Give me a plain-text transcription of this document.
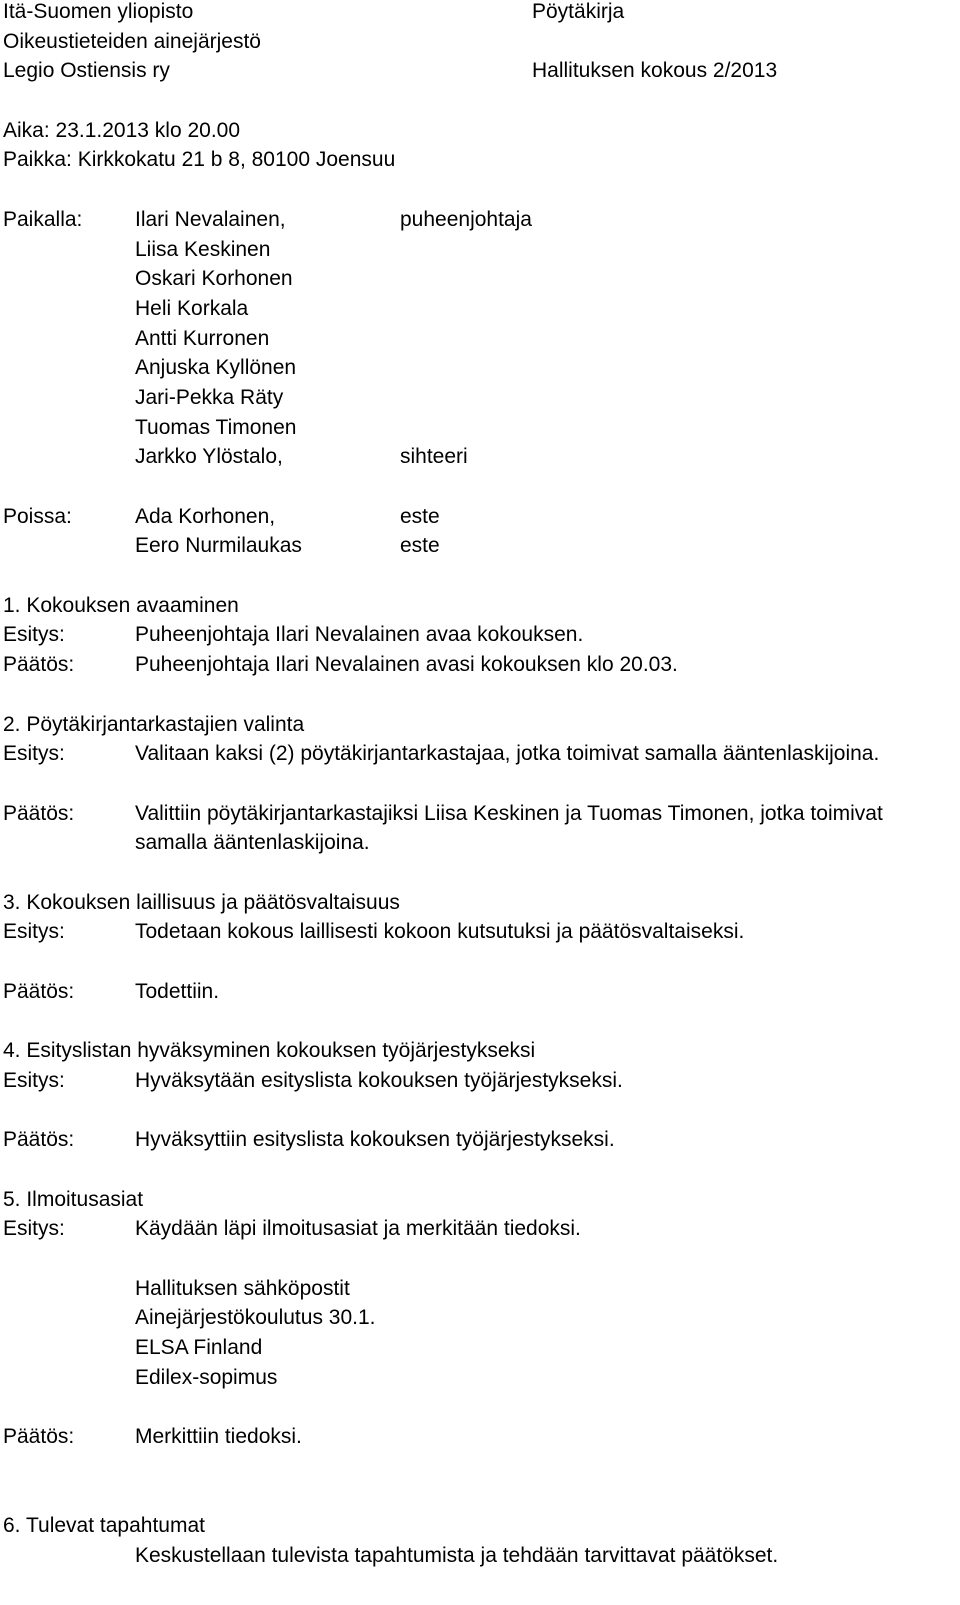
Itä-Suomen yliopisto	Pöytäkirja
Oikeustieteiden ainejärjestö
Legio Ostiensis ry	Hallituksen kokous 2/2013
Aika: 23.1.2013 klo 20.00
Paikka: Kirkkokatu 21 b 8, 80100 Joensuu
Paikalla:	Ilari Nevalainen,	puheenjohtaja
Liisa Keskinen
Oskari Korhonen
Heli Korkala
Antti Kurronen
Anjuska Kyllönen
Jari-Pekka Räty
Tuomas Timonen
Jarkko Ylöstalo,	sihteeri
Poissa:	Ada Korhonen,	este
Eero Nurmilaukas	este
1. Kokouksen avaaminen
Esitys:	Puheenjohtaja Ilari Nevalainen avaa kokouksen.
Päätös:	Puheenjohtaja Ilari Nevalainen avasi kokouksen klo 20.03.
2. Pöytäkirjantarkastajien valinta
Esitys:	Valitaan kaksi (2) pöytäkirjantarkastajaa, jotka toimivat samalla ääntenlaskijoina.
Päätös:	Valittiin pöytäkirjantarkastajiksi Liisa Keskinen ja Tuomas Timonen, jotka toimivat
samalla ääntenlaskijoina.
3. Kokouksen laillisuus ja päätösvaltaisuus
Esitys:	Todetaan kokous laillisesti kokoon kutsutuksi ja päätösvaltaiseksi.
Päätös:	Todettiin.
4. Esityslistan hyväksyminen kokouksen työjärjestykseksi
Esitys:	Hyväksytään esityslista kokouksen työjärjestykseksi.
Päätös:	Hyväksyttiin esityslista kokouksen työjärjestykseksi.
5. Ilmoitusasiat
Esitys:	Käydään läpi ilmoitusasiat ja merkitään tiedoksi.
Hallituksen sähköpostit
Ainejärjestökoulutus 30.1.
ELSA Finland
Edilex-sopimus
Päätös:	Merkittiin tiedoksi.
6. Tulevat tapahtumat
Keskustellaan tulevista tapahtumista ja tehdään tarvittavat päätökset.
